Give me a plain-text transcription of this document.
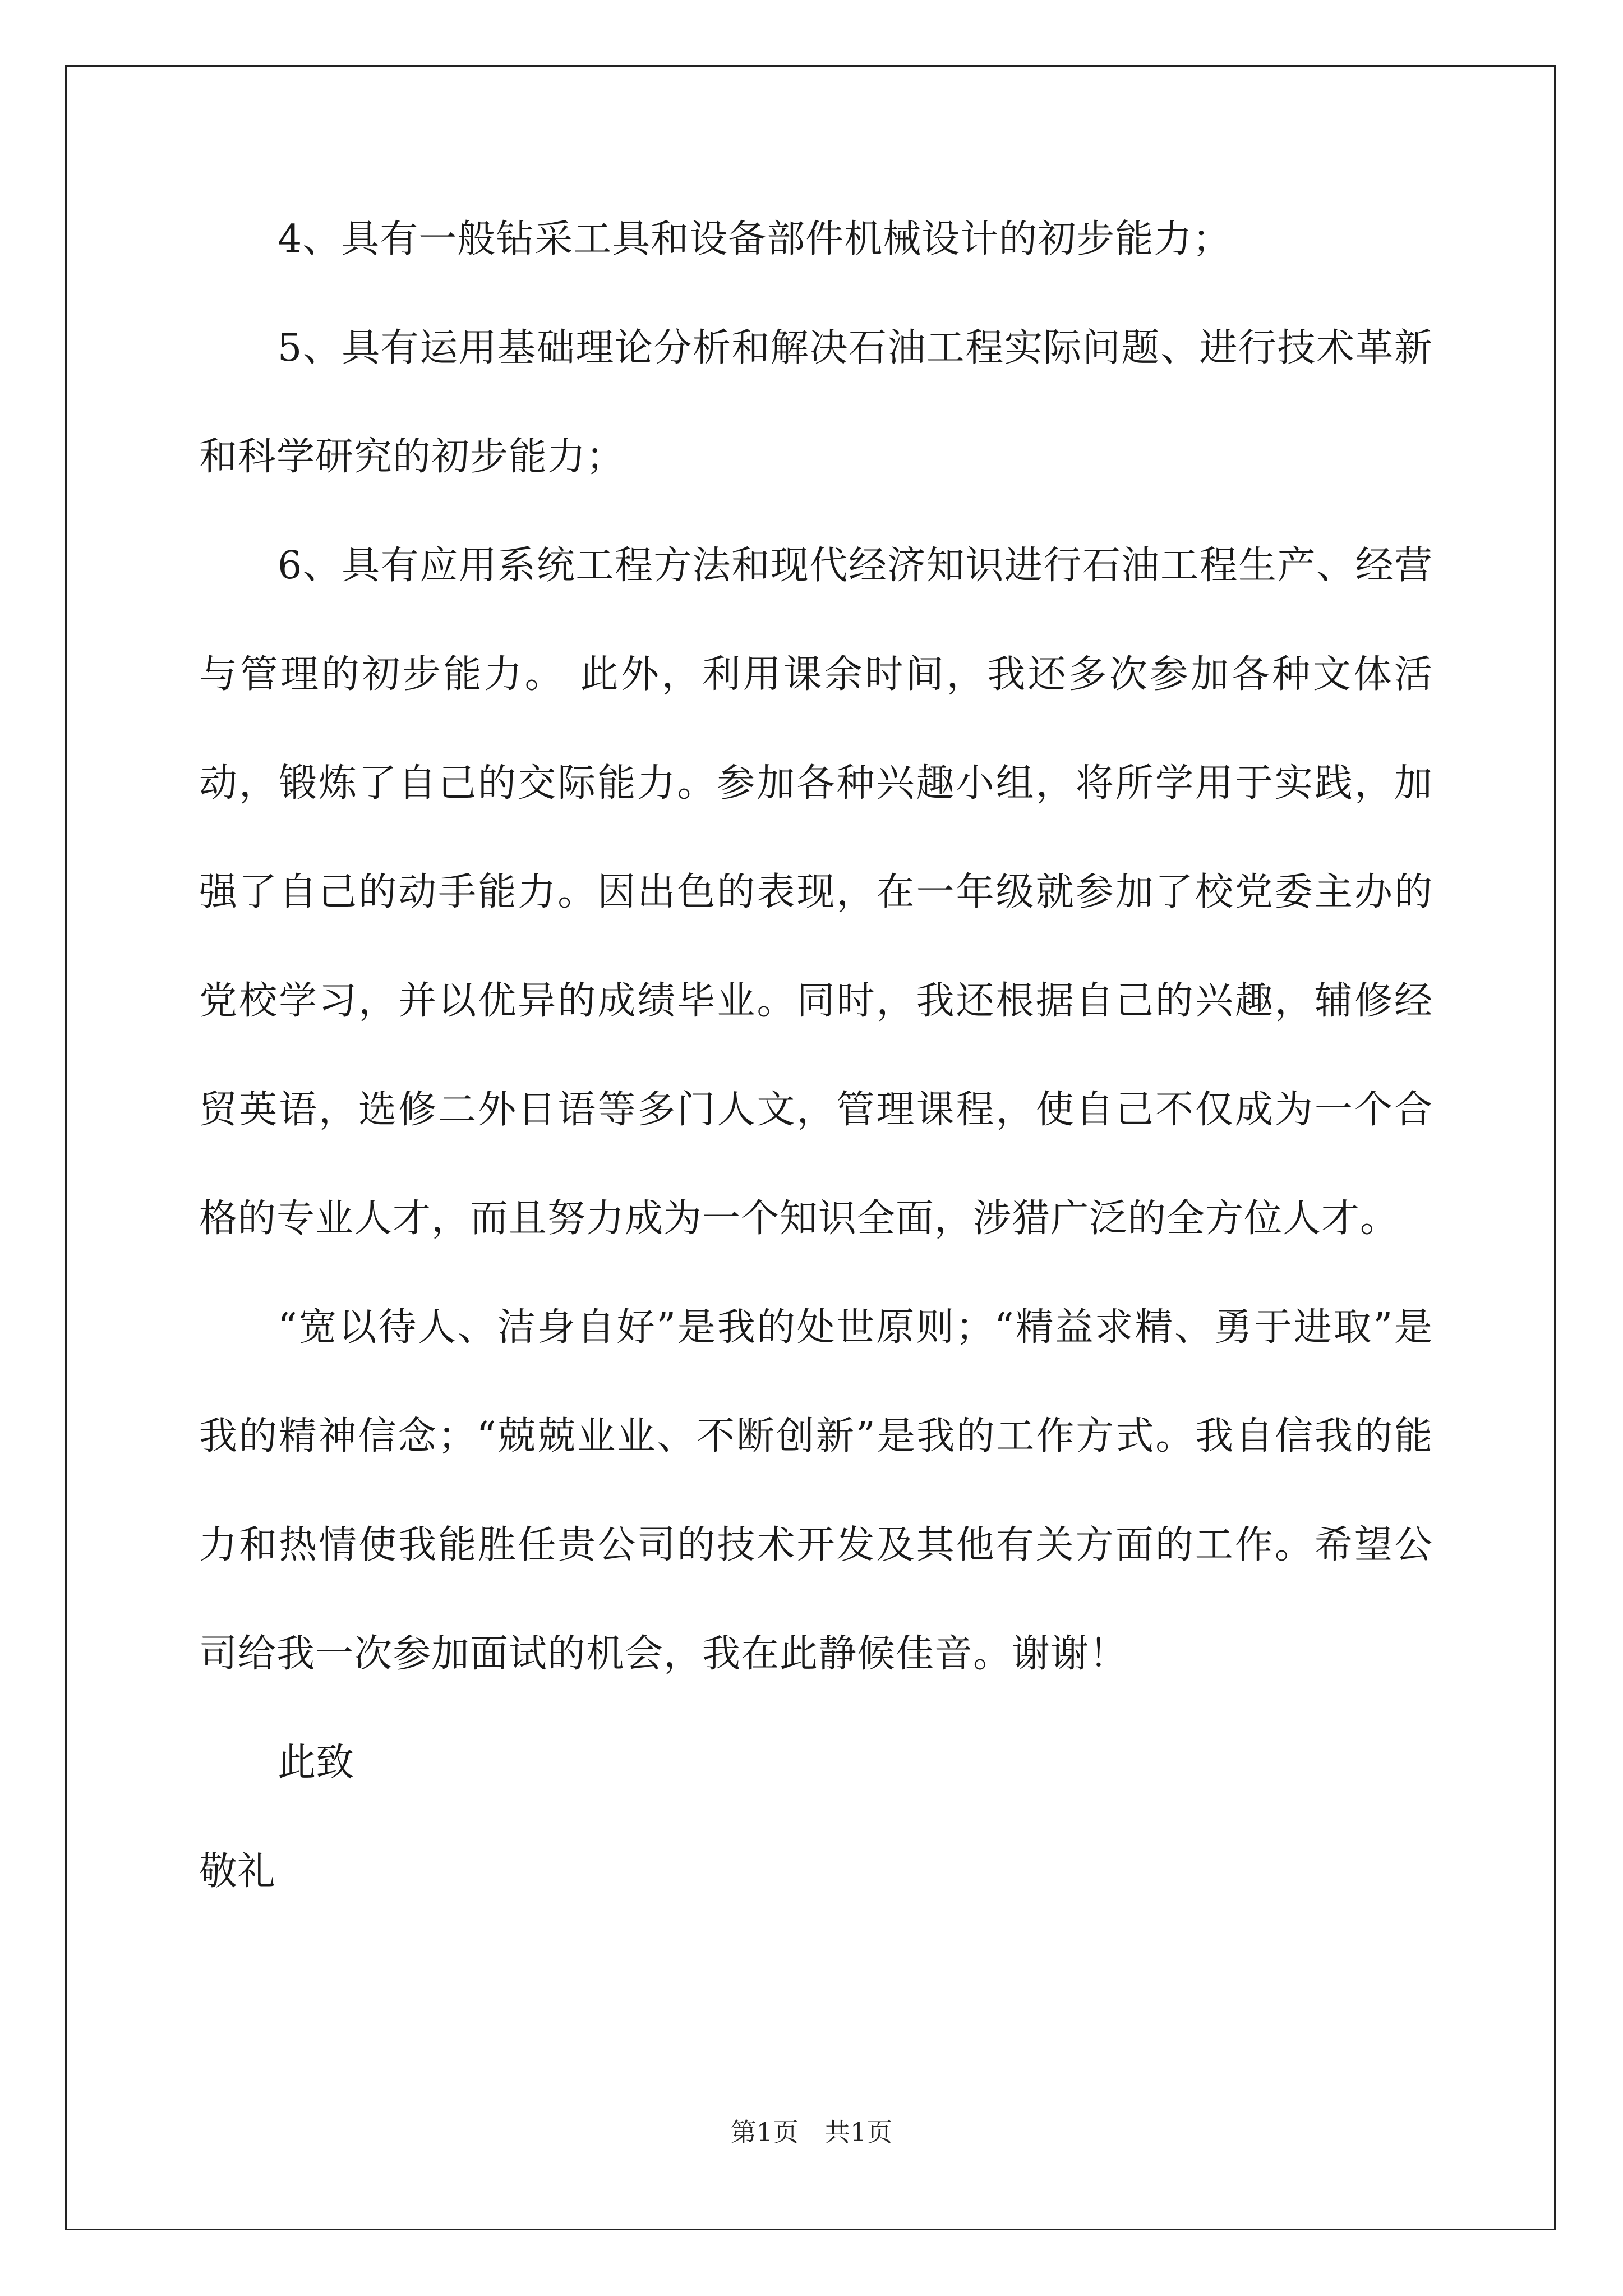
4、具有一般钻采工具和设备部件机械设计的初步能力；

5、具有运用基础理论分析和解决石油工程实际问题、进行技术革新和科学研究的初步能力；

6、具有应用系统工程方法和现代经济知识进行石油工程生产、经营与管理的初步能力。 此外，利用课余时间，我还多次参加各种文体活动，锻炼了自己的交际能力。参加各种兴趣小组，将所学用于实践，加强了自己的动手能力。因出色的表现，在一年级就参加了校党委主办的党校学习，并以优异的成绩毕业。同时，我还根据自己的兴趣，辅修经贸英语，选修二外日语等多门人文，管理课程，使自己不仅成为一个合格的专业人才，而且努力成为一个知识全面，涉猎广泛的全方位人才。

“宽以待人、洁身自好”是我的处世原则；“精益求精、勇于进取”是我的精神信念；“兢兢业业、不断创新”是我的工作方式。我自信我的能力和热情使我能胜任贵公司的技术开发及其他有关方面的工作。希望公司给我一次参加面试的机会，我在此静候佳音。谢谢！

此致

敬礼

第1页　共1页
